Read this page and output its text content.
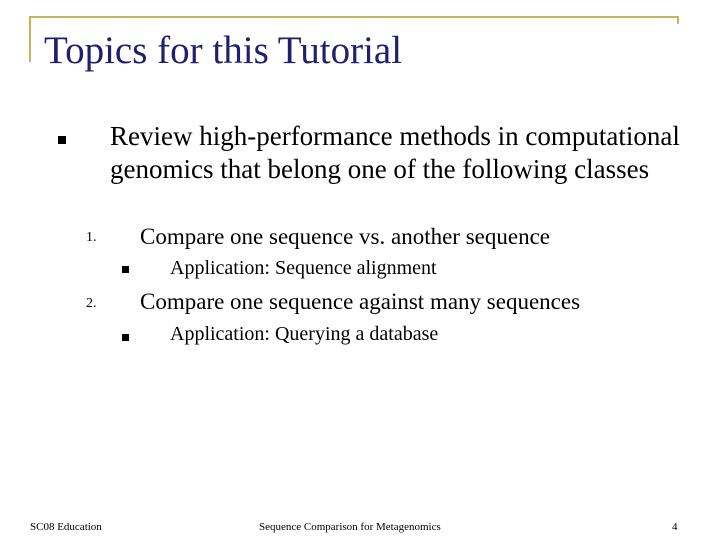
Topics for this Tutorial
Review high-performance methods in computational genomics that belong one of the following classes
1. Compare one sequence vs. another sequence
Application: Sequence alignment
2. Compare one sequence against many sequences
Application: Querying a database
SC08 Education	Sequence Comparison for Metagenomics	4
